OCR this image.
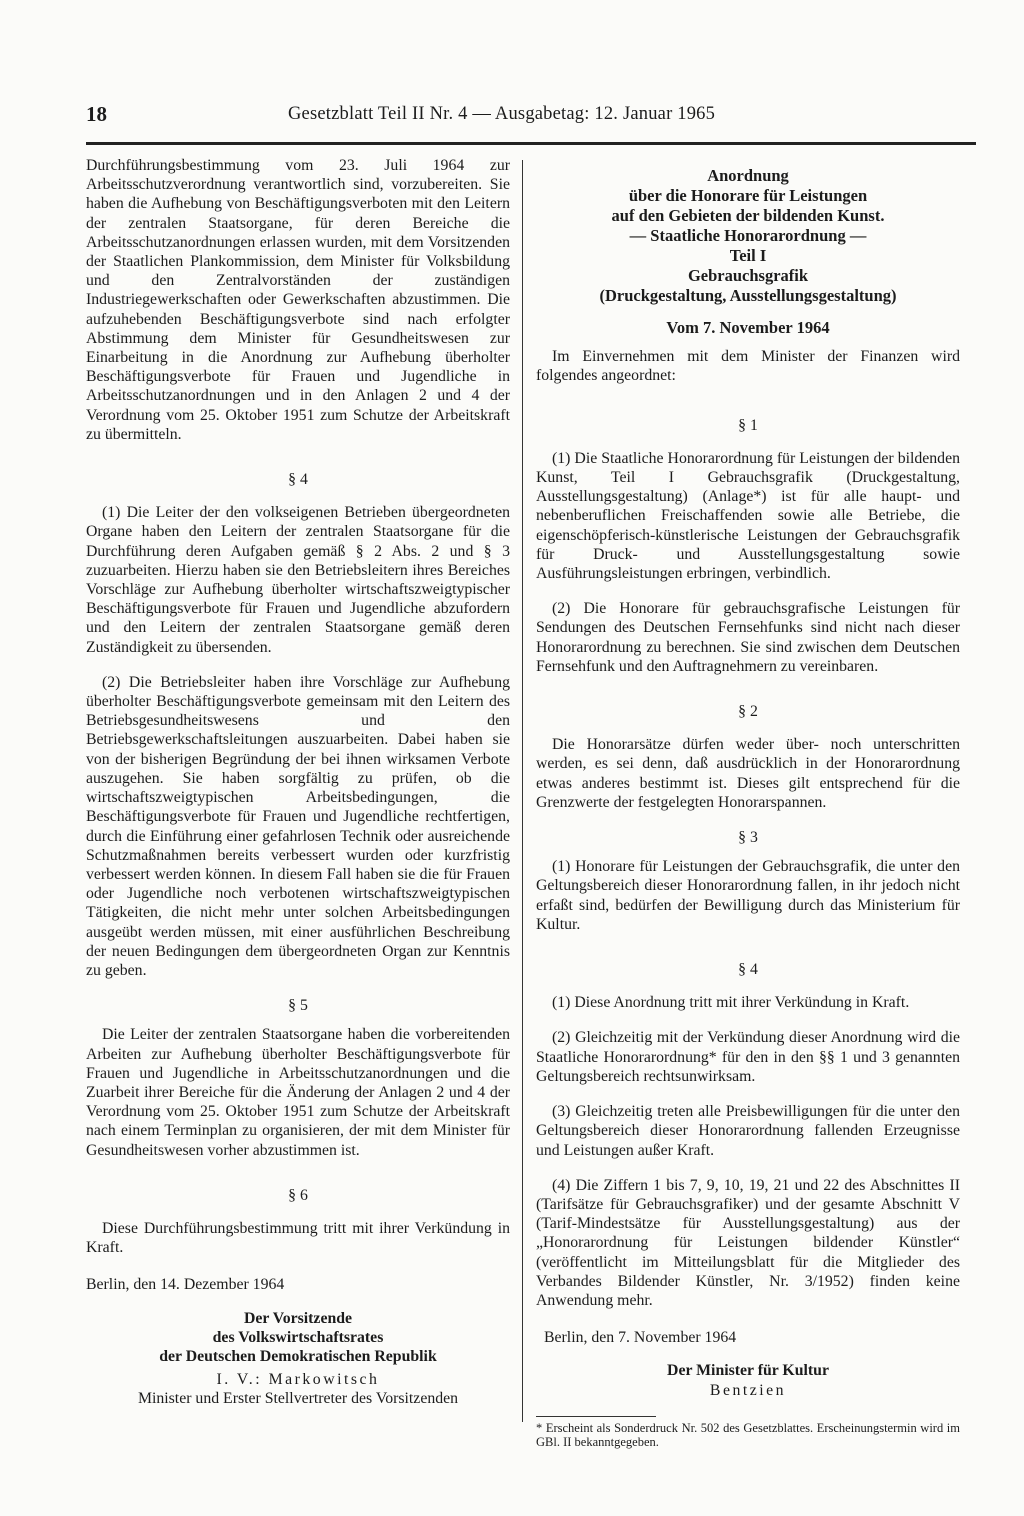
18	Gesetzblatt Teil II Nr. 4 — Ausgabetag: 12. Januar 1965

Durchführungsbestimmung vom 23. Juli 1964 zur Arbeitsschutzverordnung verantwortlich sind, vorzubereiten. Sie haben die Aufhebung von Beschäftigungsverboten mit den Leitern der zentralen Staatsorgane, für deren Bereiche die Arbeitsschutzanordnungen erlassen wurden, mit dem Vorsitzenden der Staatlichen Plankommission, dem Minister für Volksbildung und den Zentralvorständen der zuständigen Industriegewerkschaften oder Gewerkschaften abzustimmen. Die aufzuhebenden Beschäftigungsverbote sind nach erfolgter Abstimmung dem Minister für Gesundheitswesen zur Einarbeitung in die Anordnung zur Aufhebung überholter Beschäftigungsverbote für Frauen und Jugendliche in Arbeitsschutzanordnungen und in den Anlagen 2 und 4 der Verordnung vom 25. Oktober 1951 zum Schutze der Arbeitskraft zu übermitteln.

§ 4

(1) Die Leiter der den volkseigenen Betrieben übergeordneten Organe haben den Leitern der zentralen Staatsorgane für die Durchführung deren Aufgaben gemäß § 2 Abs. 2 und § 3 zuzuarbeiten. Hierzu haben sie den Betriebsleitern ihres Bereiches Vorschläge zur Aufhebung überholter wirtschaftszweigtypischer Beschäftigungsverbote für Frauen und Jugendliche abzufordern und den Leitern der zentralen Staatsorgane gemäß deren Zuständigkeit zu übersenden.

(2) Die Betriebsleiter haben ihre Vorschläge zur Aufhebung überholter Beschäftigungsverbote gemeinsam mit den Leitern des Betriebsgesundheitswesens und den Betriebsgewerkschaftsleitungen auszuarbeiten. Dabei haben sie von der bisherigen Begründung der bei ihnen wirksamen Verbote auszugehen. Sie haben sorgfältig zu prüfen, ob die wirtschaftszweigtypischen Arbeitsbedingungen, die Beschäftigungsverbote für Frauen und Jugendliche rechtfertigen, durch die Einführung einer gefahrlosen Technik oder ausreichende Schutzmaßnahmen bereits verbessert wurden oder kurzfristig verbessert werden können. In diesem Fall haben sie die für Frauen oder Jugendliche noch verbotenen wirtschaftszweigtypischen Tätigkeiten, die nicht mehr unter solchen Arbeitsbedingungen ausgeübt werden müssen, mit einer ausführlichen Beschreibung der neuen Bedingungen dem übergeordneten Organ zur Kenntnis zu geben.

§ 5

Die Leiter der zentralen Staatsorgane haben die vorbereitenden Arbeiten zur Aufhebung überholter Beschäftigungsverbote für Frauen und Jugendliche in Arbeitsschutzanordnungen und die Zuarbeit ihrer Bereiche für die Änderung der Anlagen 2 und 4 der Verordnung vom 25. Oktober 1951 zum Schutze der Arbeitskraft nach einem Terminplan zu organisieren, der mit dem Minister für Gesundheitswesen vorher abzustimmen ist.

§ 6

Diese Durchführungsbestimmung tritt mit ihrer Verkündung in Kraft.

Berlin, den 14. Dezember 1964

Der Vorsitzende
des Volkswirtschaftsrates
der Deutschen Demokratischen Republik
I. V.: Markowitsch
Minister und Erster Stellvertreter des Vorsitzenden
Anordnung
über die Honorare für Leistungen
auf den Gebieten der bildenden Kunst.
— Staatliche Honorarordnung —
Teil I
Gebrauchsgrafik
(Druckgestaltung, Ausstellungsgestaltung)
Vom 7. November 1964

Im Einvernehmen mit dem Minister der Finanzen wird folgendes angeordnet:

§ 1

(1) Die Staatliche Honorarordnung für Leistungen der bildenden Kunst, Teil I Gebrauchsgrafik (Druckgestaltung, Ausstellungsgestaltung) (Anlage*) ist für alle haupt- und nebenberuflichen Freischaffenden sowie alle Betriebe, die eigenschöpferisch-künstlerische Leistungen der Gebrauchsgrafik für Druck- und Ausstellungsgestaltung sowie Ausführungsleistungen erbringen, verbindlich.

(2) Die Honorare für gebrauchsgrafische Leistungen für Sendungen des Deutschen Fernsehfunks sind nicht nach dieser Honorarordnung zu berechnen. Sie sind zwischen dem Deutschen Fernsehfunk und den Auftragnehmern zu vereinbaren.

§ 2

Die Honorarsätze dürfen weder über- noch unterschritten werden, es sei denn, daß ausdrücklich in der Honorarordnung etwas anderes bestimmt ist. Dieses gilt entsprechend für die Grenzwerte der festgelegten Honorarspannen.

§ 3

(1) Honorare für Leistungen der Gebrauchsgrafik, die unter den Geltungsbereich dieser Honorarordnung fallen, in ihr jedoch nicht erfaßt sind, bedürfen der Bewilligung durch das Ministerium für Kultur.

§ 4

(1) Diese Anordnung tritt mit ihrer Verkündung in Kraft.

(2) Gleichzeitig mit der Verkündung dieser Anordnung wird die Staatliche Honorarordnung* für den in den §§ 1 und 3 genannten Geltungsbereich rechtsunwirksam.

(3) Gleichzeitig treten alle Preisbewilligungen für die unter den Geltungsbereich dieser Honorarordnung fallenden Erzeugnisse und Leistungen außer Kraft.

(4) Die Ziffern 1 bis 7, 9, 10, 19, 21 und 22 des Abschnittes II (Tarifsätze für Gebrauchsgrafiker) und der gesamte Abschnitt V (Tarif-Mindestsätze für Ausstellungsgestaltung) aus der „Honorarordnung für Leistungen bildender Künstler“ (veröffentlicht im Mitteilungsblatt für die Mitglieder des Verbandes Bildender Künstler, Nr. 3/1952) finden keine Anwendung mehr.

Berlin, den 7. November 1964

Der Minister für Kultur
Bentzien

* Erscheint als Sonderdruck Nr. 502 des Gesetzblattes. Erscheinungstermin wird im GBl. II bekanntgegeben.
